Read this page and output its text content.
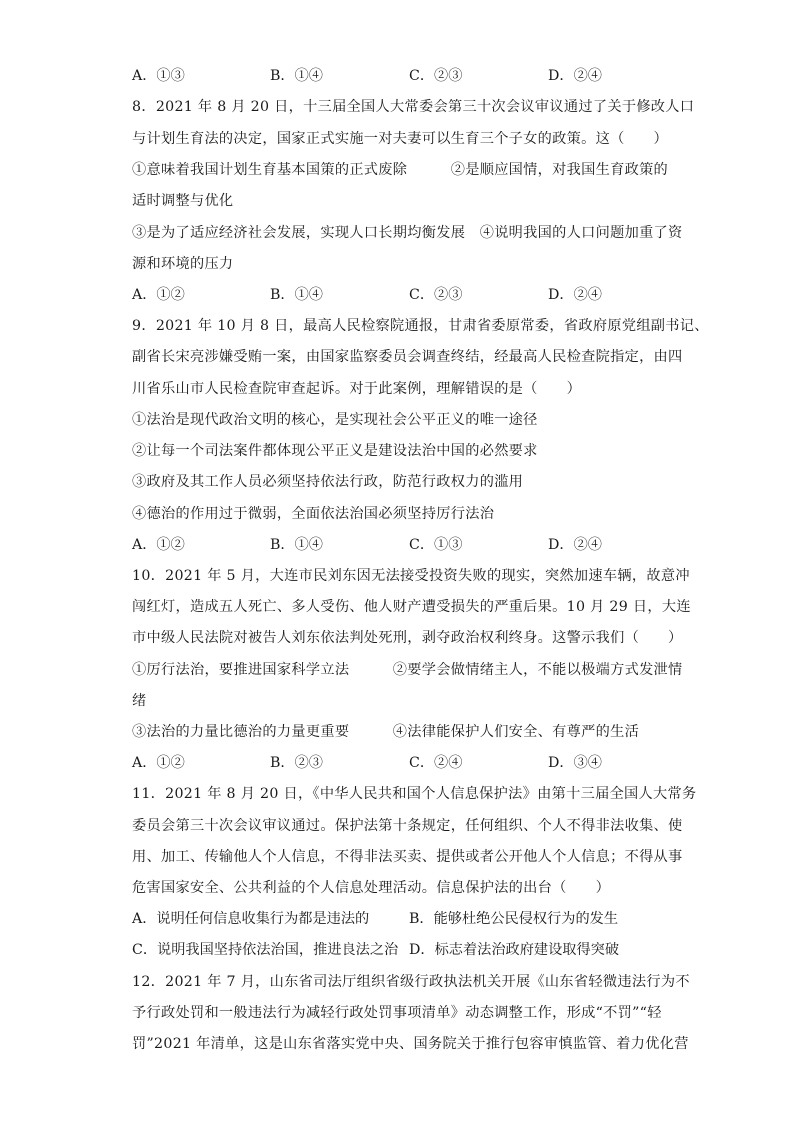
A．①③	B．①④	C．②③	D．②④
8．2021 年 8 月 20 日，十三届全国人大常委会第三十次会议审议通过了关于修改人口
与计划生育法的决定，国家正式实施一对夫妻可以生育三个子女的政策。这（　　）
①意味着我国计划生育基本国策的正式废除　　　②是顺应国情，对我国生育政策的
适时调整与优化
③是为了适应经济社会发展，实现人口长期均衡发展　④说明我国的人口问题加重了资
源和环境的压力
A．①②	B．①④	C．②③	D．②④
9．2021 年 10 月 8 日，最高人民检察院通报，甘肃省委原常委，省政府原党组副书记、
副省长宋亮涉嫌受贿一案，由国家监察委员会调查终结，经最高人民检查院指定，由四
川省乐山市人民检查院审查起诉。对于此案例，理解错误的是（　　）
①法治是现代政治文明的核心，是实现社会公平正义的唯一途径
②让每一个司法案件都体现公平正义是建设法治中国的必然要求
③政府及其工作人员必须坚持依法行政，防范行政权力的滥用
④德治的作用过于微弱，全面依法治国必须坚持厉行法治
A．①②	B．①④	C．①③	D．②④
10．2021 年 5 月，大连市民刘东因无法接受投资失败的现实，突然加速车辆，故意冲
闯红灯，造成五人死亡、多人受伤、他人财产遭受损失的严重后果。10 月 29 日，大连
市中级人民法院对被告人刘东依法判处死刑，剥夺政治权利终身。这警示我们（　　）
①厉行法治，要推进国家科学立法　　　②要学会做情绪主人，不能以极端方式发泄情
绪
③法治的力量比德治的力量更重要　　　④法律能保护人们安全、有尊严的生活
A．①②	B．②③	C．②④	D．③④
11．2021 年 8 月 20 日，《中华人民共和国个人信息保护法》由第十三届全国人大常务
委员会第三十次会议审议通过。保护法第十条规定，任何组织、个人不得非法收集、使
用、加工、传输他人个人信息，不得非法买卖、提供或者公开他人个人信息；不得从事
危害国家安全、公共利益的个人信息处理活动。信息保护法的出台（　　）
A．说明任何信息收集行为都是违法的	B．能够杜绝公民侵权行为的发生
C．说明我国坚持依法治国，推进良法之治 D．标志着法治政府建设取得突破
12．2021 年 7 月，山东省司法厅组织省级行政执法机关开展《山东省轻微违法行为不
予行政处罚和一般违法行为减轻行政处罚事项清单》动态调整工作，形成“不罚”“轻
罚”2021 年清单，这是山东省落实党中央、国务院关于推行包容审慎监管、着力优化营
